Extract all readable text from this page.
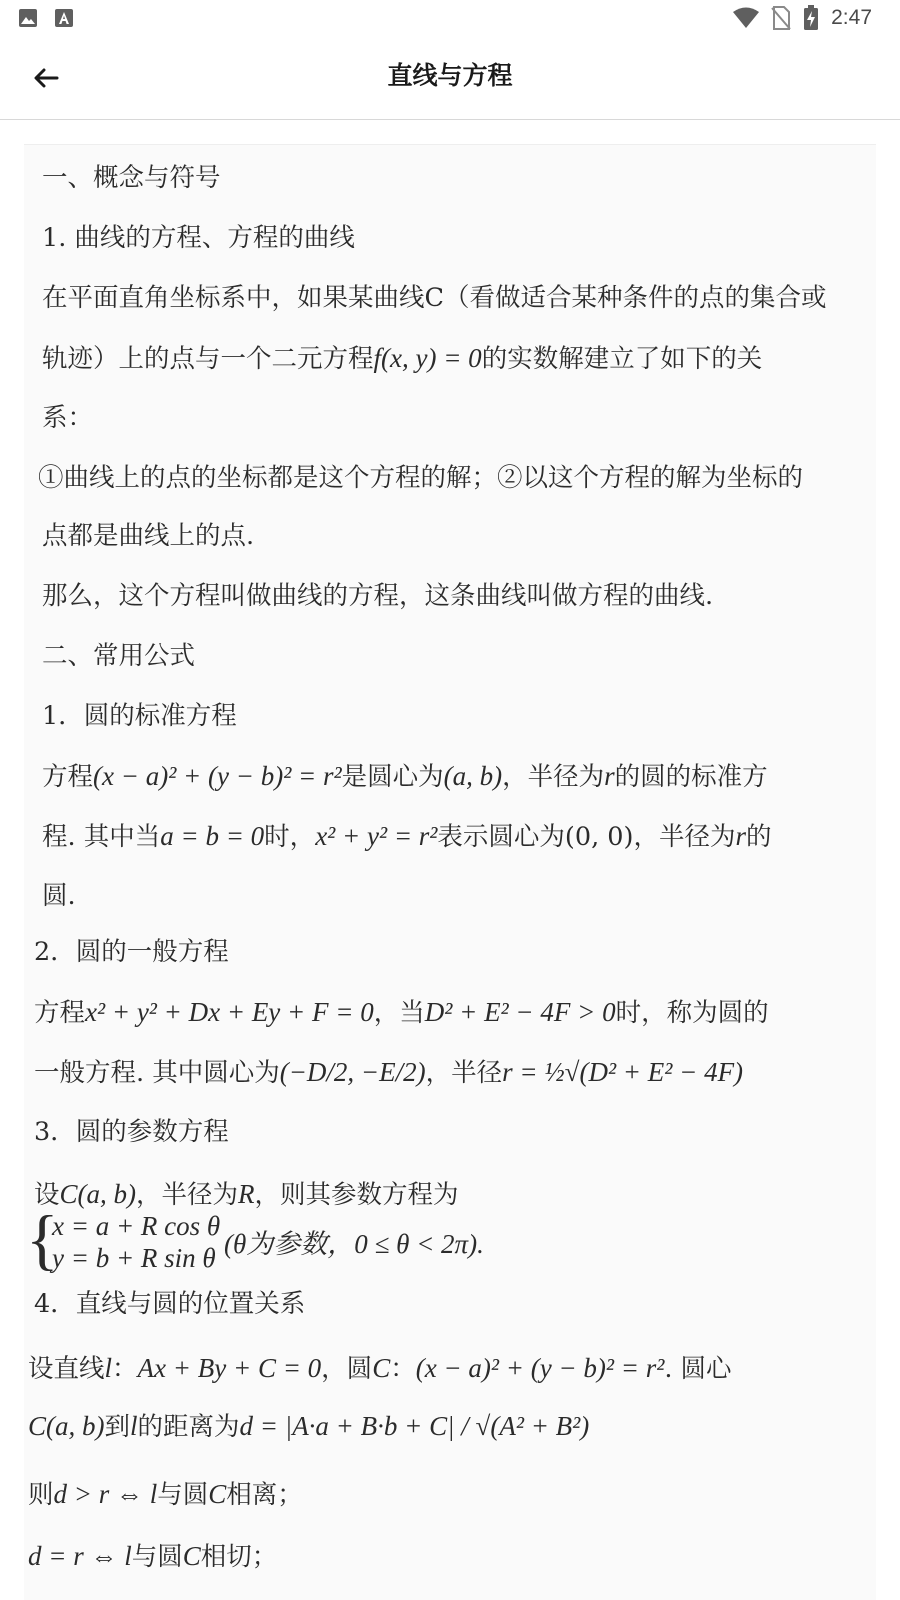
2:47
直线与方程
一、概念与符号
1. 曲线的方程、方程的曲线
在平面直角坐标系中，如果某曲线C（看做适合某种条件的点的集合或
轨迹）上的点与一个二元方程f(x, y) = 0的实数解建立了如下的关
系：
①曲线上的点的坐标都是这个方程的解；②以这个方程的解为坐标的
点都是曲线上的点.
那么，这个方程叫做曲线的方程，这条曲线叫做方程的曲线.
二、常用公式
1．圆的标准方程
方程(x − a)² + (y − b)² = r²是圆心为(a, b)，半径为r的圆的标准方
程. 其中当a = b = 0时，x² + y² = r²表示圆心为(0, 0)，半径为r的
圆.
2．圆的一般方程
方程x² + y² + Dx + Ey + F = 0，当D² + E² − 4F > 0时，称为圆的
一般方程. 其中圆心为(−D/2, −E/2)，半径r = ½√(D² + E² − 4F)
3．圆的参数方程
设C(a, b)，半径为R，则其参数方程为
{
x = a + R cos θ
y = b + R sin θ (θ为参数，0 ≤ θ < 2π).
4．直线与圆的位置关系
设直线l：Ax + By + C = 0，圆C：(x − a)² + (y − b)² = r². 圆心
C(a, b)到l的距离为d = |A·a + B·b + C| / √(A² + B²)
则d > r ⇔ l与圆C相离；
d = r ⇔ l与圆C相切；
